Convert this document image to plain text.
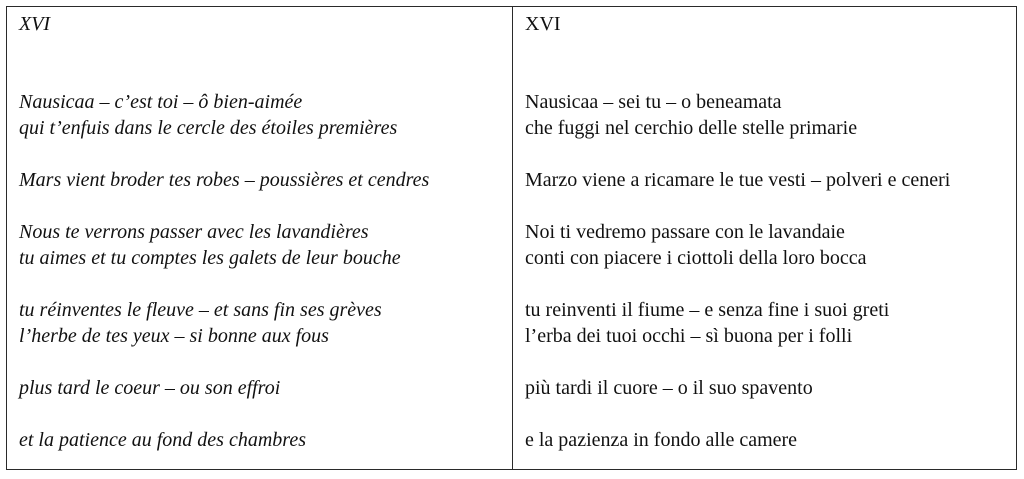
XVI

Nausicaa – c’est toi – ô bien-aimée
qui t’enfuis dans le cercle des étoiles premières
Mars vient broder tes robes – poussières et cendres
Nous te verrons passer avec les lavandières
tu aimes et tu comptes les galets de leur bouche
tu réinventes le fleuve – et sans fin ses grèves
l’herbe de tes yeux – si bonne aux fous
plus tard le coeur – ou son effroi
et la patience au fond des chambres

XVI

Nausicaa – sei tu – o beneamata
che fuggi nel cerchio delle stelle primarie
Marzo viene a ricamare le tue vesti – polveri e ceneri
Noi ti vedremo passare con le lavandaie
conti con piacere i ciottoli della loro bocca
tu reinventi il fiume – e senza fine i suoi greti
l’erba dei tuoi occhi – sì buona per i folli
più tardi il cuore – o il suo spavento
e la pazienza in fondo alle camere
